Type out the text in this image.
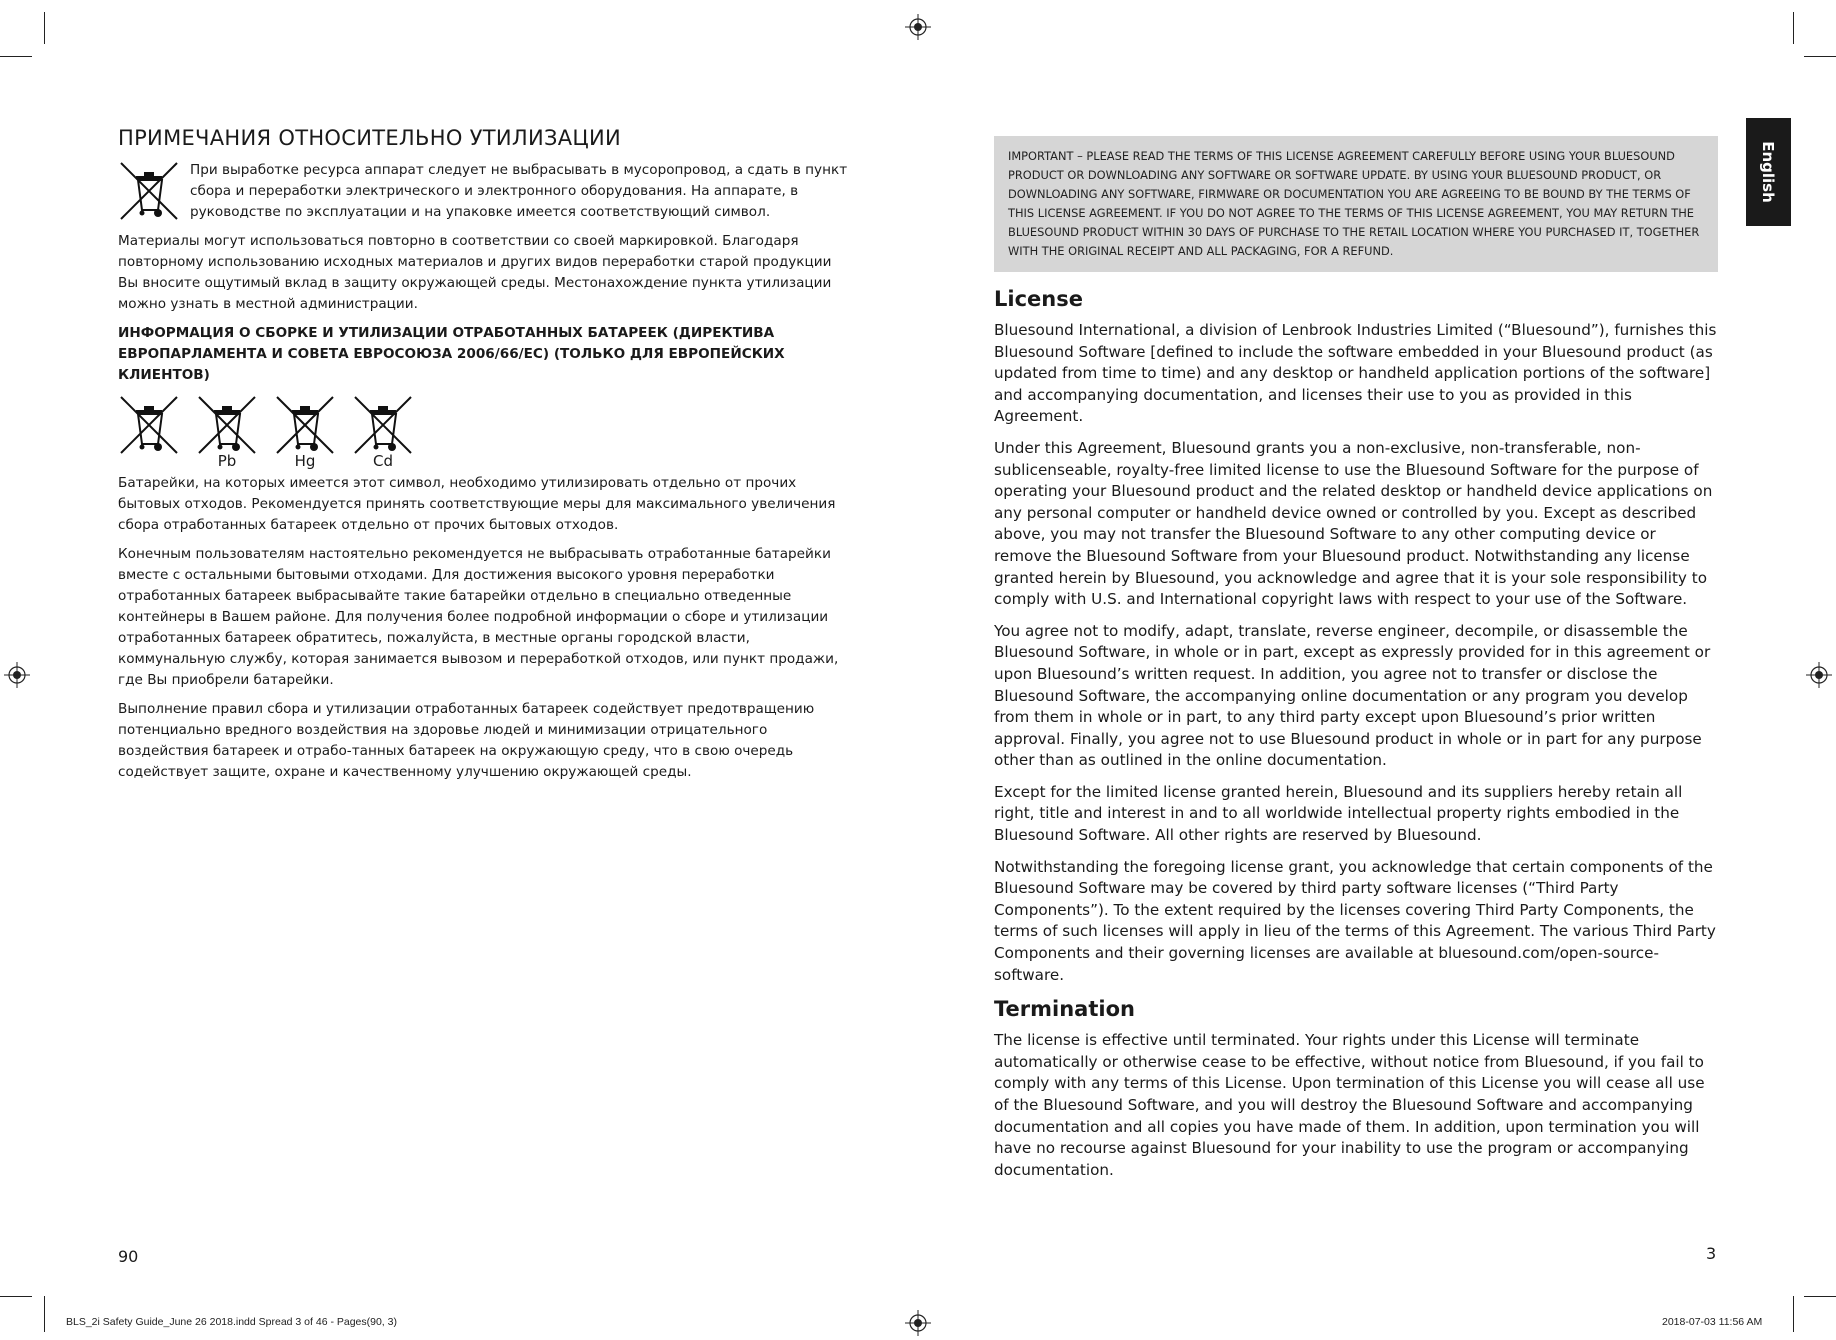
ПРИМЕЧАНИЯ ОТНОСИТЕЛЬНО УТИЛИЗАЦИИ

При выработке ресурса аппарат следует не выбрасывать в мусоропровод, а сдать в пункт сбора и переработки электрического и электронного оборудования. На аппарате, в руководстве по эксплуатации и на упаковке имеется соответствующий символ.

Материалы могут использоваться повторно в соответствии со своей маркировкой. Благодаря повторному использованию исходных материалов и других видов переработки старой продукции Вы вносите ощутимый вклад в защиту окружающей среды. Местонахождение пункта утилизации можно узнать в местной администрации.

ИНФОРМАЦИЯ О СБОРКЕ И УТИЛИЗАЦИИ ОТРАБОТАННЫХ БАТАРЕЕК (ДИРЕКТИВА ЕВРОПАРЛАМЕНТА И СОВЕТА ЕВРОСОЮЗА 2006/66/EC) (ТОЛЬКО ДЛЯ ЕВРОПЕЙСКИХ КЛИЕНТОВ)

Pb	Hg	Cd

Батарейки, на которых имеется этот символ, необходимо утилизировать отдельно от прочих бытовых отходов. Рекомендуется принять соответствующие меры для максимального увеличения сбора отработанных батареек отдельно от прочих бытовых отходов.

Конечным пользователям настоятельно рекомендуется не выбрасывать отработанные батарейки вместе с остальными бытовыми отходами. Для достижения высокого уровня переработки отработанных батареек выбрасывайте такие батарейки отдельно в специально отведенные контейнеры в Вашем районе. Для получения более подробной информации о сборе и утилизации отработанных батареек обратитесь, пожалуйста, в местные органы городской власти, коммунальную службу, которая занимается вывозом и переработкой отходов, или пункт продажи, где Вы приобрели батарейки.

Выполнение правил сбора и утилизации отработанных батареек содействует предотвращению потенциально вредного воздействия на здоровье людей и минимизации отрицательного воздействия батареек и отрабо-танных батареек на окружающую среду, что в свою очередь содействует защите, охране и качественному улучшению окружающей среды.

90
IMPORTANT – PLEASE READ THE TERMS OF THIS LICENSE AGREEMENT CAREFULLY BEFORE USING YOUR BLUESOUND PRODUCT OR DOWNLOADING ANY SOFTWARE OR SOFTWARE UPDATE. BY USING YOUR BLUESOUND PRODUCT, OR DOWNLOADING ANY SOFTWARE, FIRMWARE OR DOCUMENTATION YOU ARE AGREEING TO BE BOUND BY THE TERMS OF THIS LICENSE AGREEMENT. IF YOU DO NOT AGREE TO THE TERMS OF THIS LICENSE AGREEMENT, YOU MAY RETURN THE BLUESOUND PRODUCT WITHIN 30 DAYS OF PURCHASE TO THE RETAIL LOCATION WHERE YOU PURCHASED IT, TOGETHER WITH THE ORIGINAL RECEIPT AND ALL PACKAGING, FOR A REFUND.
License

Bluesound International, a division of Lenbrook Industries Limited (“Bluesound”), furnishes this Bluesound Software [defined to include the software embedded in your Bluesound product (as updated from time to time) and any desktop or handheld application portions of the software] and accompanying documentation, and licenses their use to you as provided in this Agreement.

Under this Agreement, Bluesound grants you a non-exclusive, non-transferable, non-sublicenseable, royalty-free limited license to use the Bluesound Software for the purpose of operating your Bluesound product and the related desktop or handheld device applications on any personal computer or handheld device owned or controlled by you. Except as described above, you may not transfer the Bluesound Software to any other computing device or remove the Bluesound Software from your Bluesound product. Notwithstanding any license granted herein by Bluesound, you acknowledge and agree that it is your sole responsibility to comply with U.S. and International copyright laws with respect to your use of the Software.

You agree not to modify, adapt, translate, reverse engineer, decompile, or disassemble the Bluesound Software, in whole or in part, except as expressly provided for in this agreement or upon Bluesound’s written request. In addition, you agree not to transfer or disclose the Bluesound Software, the accompanying online documentation or any program you develop from them in whole or in part, to any third party except upon Bluesound’s prior written approval. Finally, you agree not to use Bluesound product in whole or in part for any purpose other than as outlined in the online documentation.

Except for the limited license granted herein, Bluesound and its suppliers hereby retain all right, title and interest in and to all worldwide intellectual property rights embodied in the Bluesound Software. All other rights are reserved by Bluesound.

Notwithstanding the foregoing license grant, you acknowledge that certain components of the Bluesound Software may be covered by third party software licenses (“Third Party Components”). To the extent required by the licenses covering Third Party Components, the terms of such licenses will apply in lieu of the terms of this Agreement. The various Third Party Components and their governing licenses are available at bluesound.com/open-source-software.

Termination

The license is effective until terminated. Your rights under this License will terminate automatically or otherwise cease to be effective, without notice from Bluesound, if you fail to comply with any terms of this License. Upon termination of this License you will cease all use of the Bluesound Software, and you will destroy the Bluesound Software and accompanying documentation and all copies you have made of them. In addition, upon termination you will have no recourse against Bluesound for your inability to use the program or accompanying documentation.

English
3
BLS_2i Safety Guide_June 26 2018.indd Spread 3 of 46 - Pages(90, 3)	2018-07-03 11:56 AM
